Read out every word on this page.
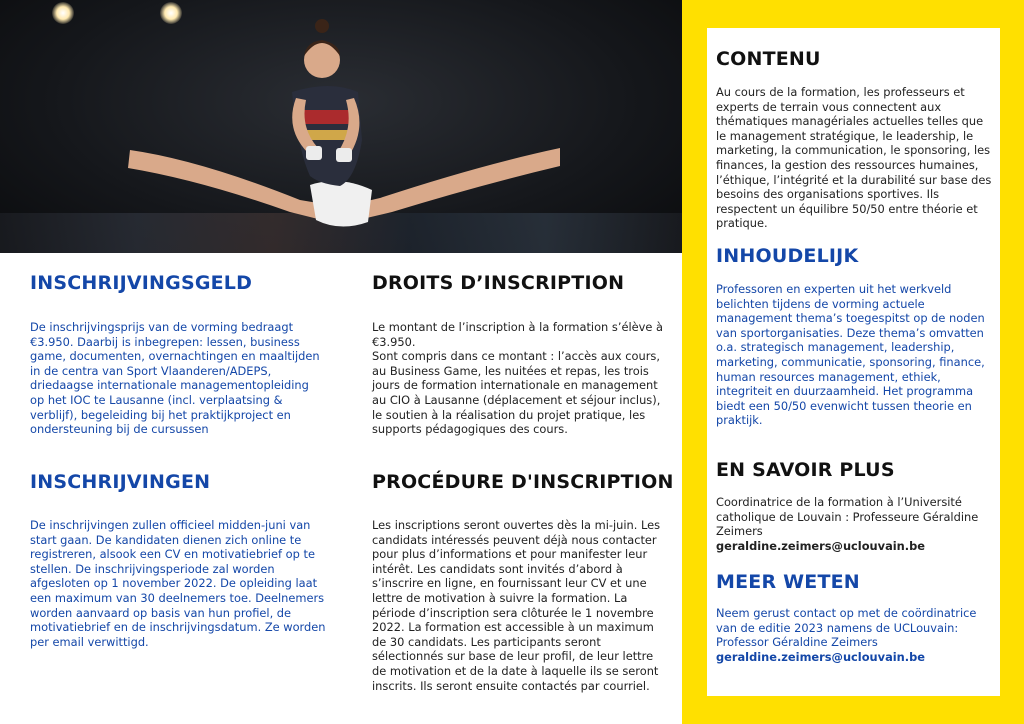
INSCHRIJVINGSGELD
De inschrijvingsprijs van de vorming bedraagt €3.950. Daarbij is inbegrepen: lessen, business game, documenten, overnachtingen en maaltijden in de centra van Sport Vlaanderen/ADEPS, driedaagse internationale managementopleiding op het IOC te Lausanne (incl. verplaatsing & verblijf), begeleiding bij het praktijkproject en ondersteuning bij de cursussen
INSCHRIJVINGEN
De inschrijvingen zullen officieel midden-juni van start gaan. De kandidaten dienen zich online te registreren, alsook een CV en motivatiebrief op te stellen. De inschrijvingsperiode zal worden afgesloten op 1 november 2022. De opleiding laat een maximum van 30 deelnemers toe. Deelnemers worden aanvaard op basis van hun profiel, de motivatiebrief en de inschrijvingsdatum. Ze worden per email verwittigd.
DROITS D’INSCRIPTION
Le montant de l’inscription à la formation s’élève à €3.950.
Sont compris dans ce montant : l’accès aux cours, au Business Game, les nuitées et repas, les trois jours de formation internationale en management au CIO à Lausanne (déplacement et séjour inclus), le soutien à la réalisation du projet pratique, les supports pédagogiques des cours.
PROCÉDURE D'INSCRIPTION
Les inscriptions seront ouvertes dès la mi-juin. Les candidats intéressés peuvent déjà nous contacter pour plus d’informations et pour manifester leur intérêt. Les candidats sont invités d’abord à s’inscrire en ligne, en fournissant leur CV et une lettre de motivation à suivre la formation. La période d’inscription sera clôturée le 1 novembre 2022. La formation est accessible à un maximum de 30 candidats. Les participants seront sélectionnés sur base de leur profil, de leur lettre de motivation et de la date à laquelle ils se seront inscrits. Ils seront ensuite contactés par courriel.
CONTENU
Au cours de la formation, les professeurs et experts de terrain vous connectent aux thématiques managériales actuelles telles que le management stratégique, le leadership, le marketing, la communication, le sponsoring, les finances, la gestion des ressources humaines, l’éthique, l’intégrité et la durabilité sur base des besoins des organisations sportives. Ils respectent un équilibre 50/50 entre théorie et pratique.
INHOUDELIJK
Professoren en experten uit het werkveld belichten tijdens de vorming actuele management thema’s toegespitst op de noden van sportorganisaties. Deze thema’s omvatten o.a. strategisch management, leadership, marketing, communicatie, sponsoring, finance, human resources management, ethiek, integriteit en duurzaamheid. Het programma biedt een 50/50 evenwicht tussen theorie en praktijk.
EN SAVOIR PLUS
Coordinatrice de la formation à l’Université catholique de Louvain : Professeure Géraldine Zeimers
geraldine.zeimers@uclouvain.be
MEER WETEN
Neem gerust contact op met de coördinatrice van de editie 2023 namens de UCLouvain: Professor Géraldine Zeimers
geraldine.zeimers@uclouvain.be
